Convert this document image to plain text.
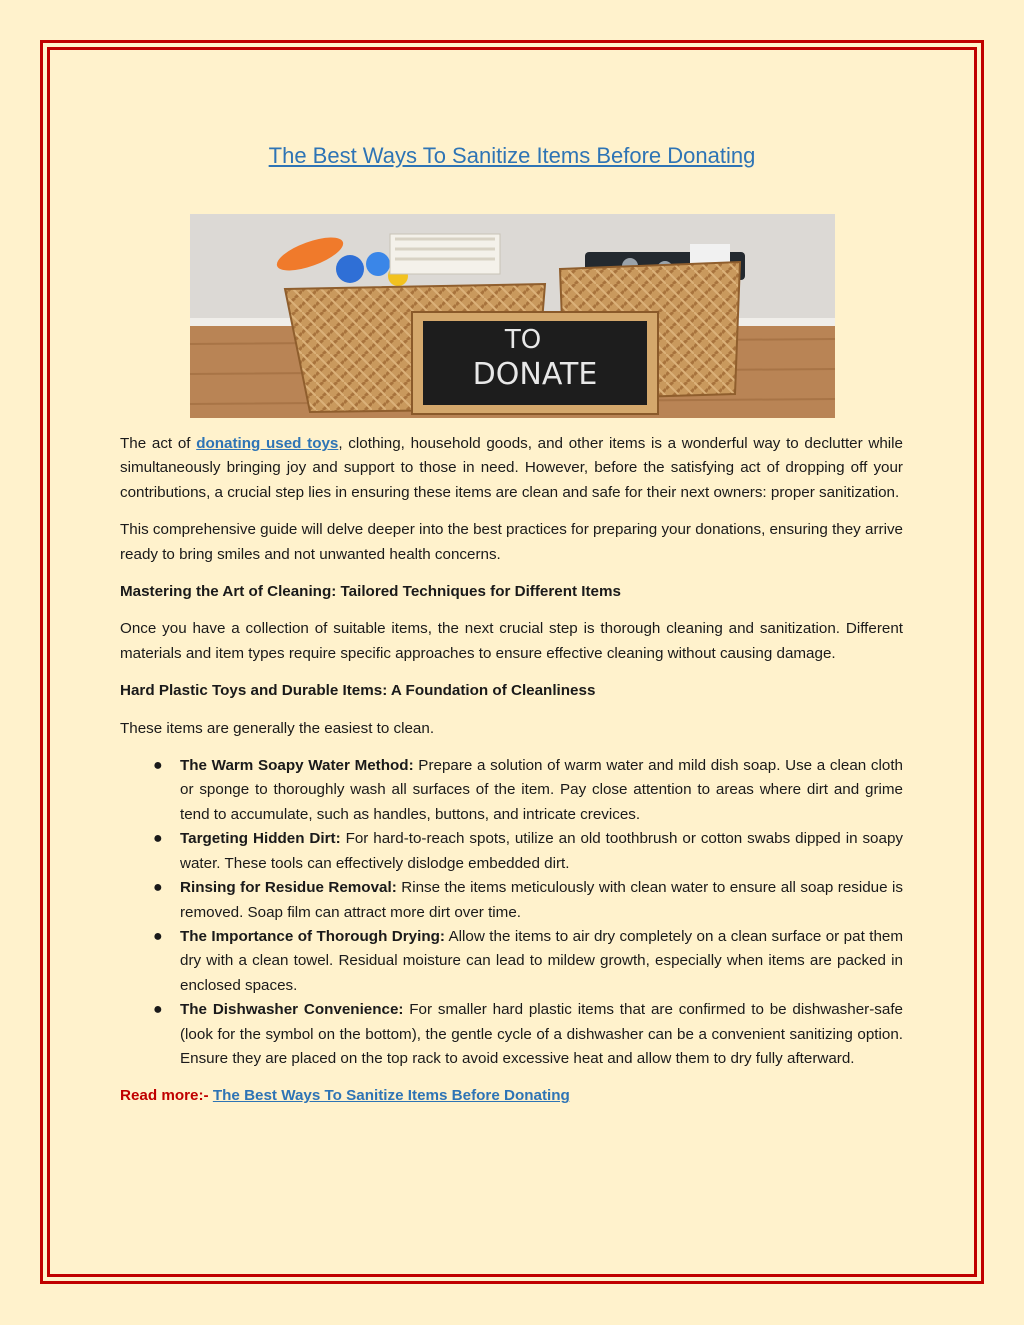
The Best Ways To Sanitize Items Before Donating
TO
DONATE

The act of donating used toys, clothing, household goods, and other items is a wonderful way to declutter while simultaneously bringing joy and support to those in need. However, before the satisfying act of dropping off your contributions, a crucial step lies in ensuring these items are clean and safe for their next owners: proper sanitization.

This comprehensive guide will delve deeper into the best practices for preparing your donations, ensuring they arrive ready to bring smiles and not unwanted health concerns.

Mastering the Art of Cleaning: Tailored Techniques for Different Items

Once you have a collection of suitable items, the next crucial step is thorough cleaning and sanitization. Different materials and item types require specific approaches to ensure effective cleaning without causing damage.

Hard Plastic Toys and Durable Items: A Foundation of Cleanliness

These items are generally the easiest to clean.

● The Warm Soapy Water Method: Prepare a solution of warm water and mild dish soap. Use a clean cloth or sponge to thoroughly wash all surfaces of the item. Pay close attention to areas where dirt and grime tend to accumulate, such as handles, buttons, and intricate crevices.
● Targeting Hidden Dirt: For hard-to-reach spots, utilize an old toothbrush or cotton swabs dipped in soapy water. These tools can effectively dislodge embedded dirt.
● Rinsing for Residue Removal: Rinse the items meticulously with clean water to ensure all soap residue is removed. Soap film can attract more dirt over time.
● The Importance of Thorough Drying: Allow the items to air dry completely on a clean surface or pat them dry with a clean towel. Residual moisture can lead to mildew growth, especially when items are packed in enclosed spaces.
● The Dishwasher Convenience: For smaller hard plastic items that are confirmed to be dishwasher-safe (look for the symbol on the bottom), the gentle cycle of a dishwasher can be a convenient sanitizing option. Ensure they are placed on the top rack to avoid excessive heat and allow them to dry fully afterward.

Read more:- The Best Ways To Sanitize Items Before Donating
